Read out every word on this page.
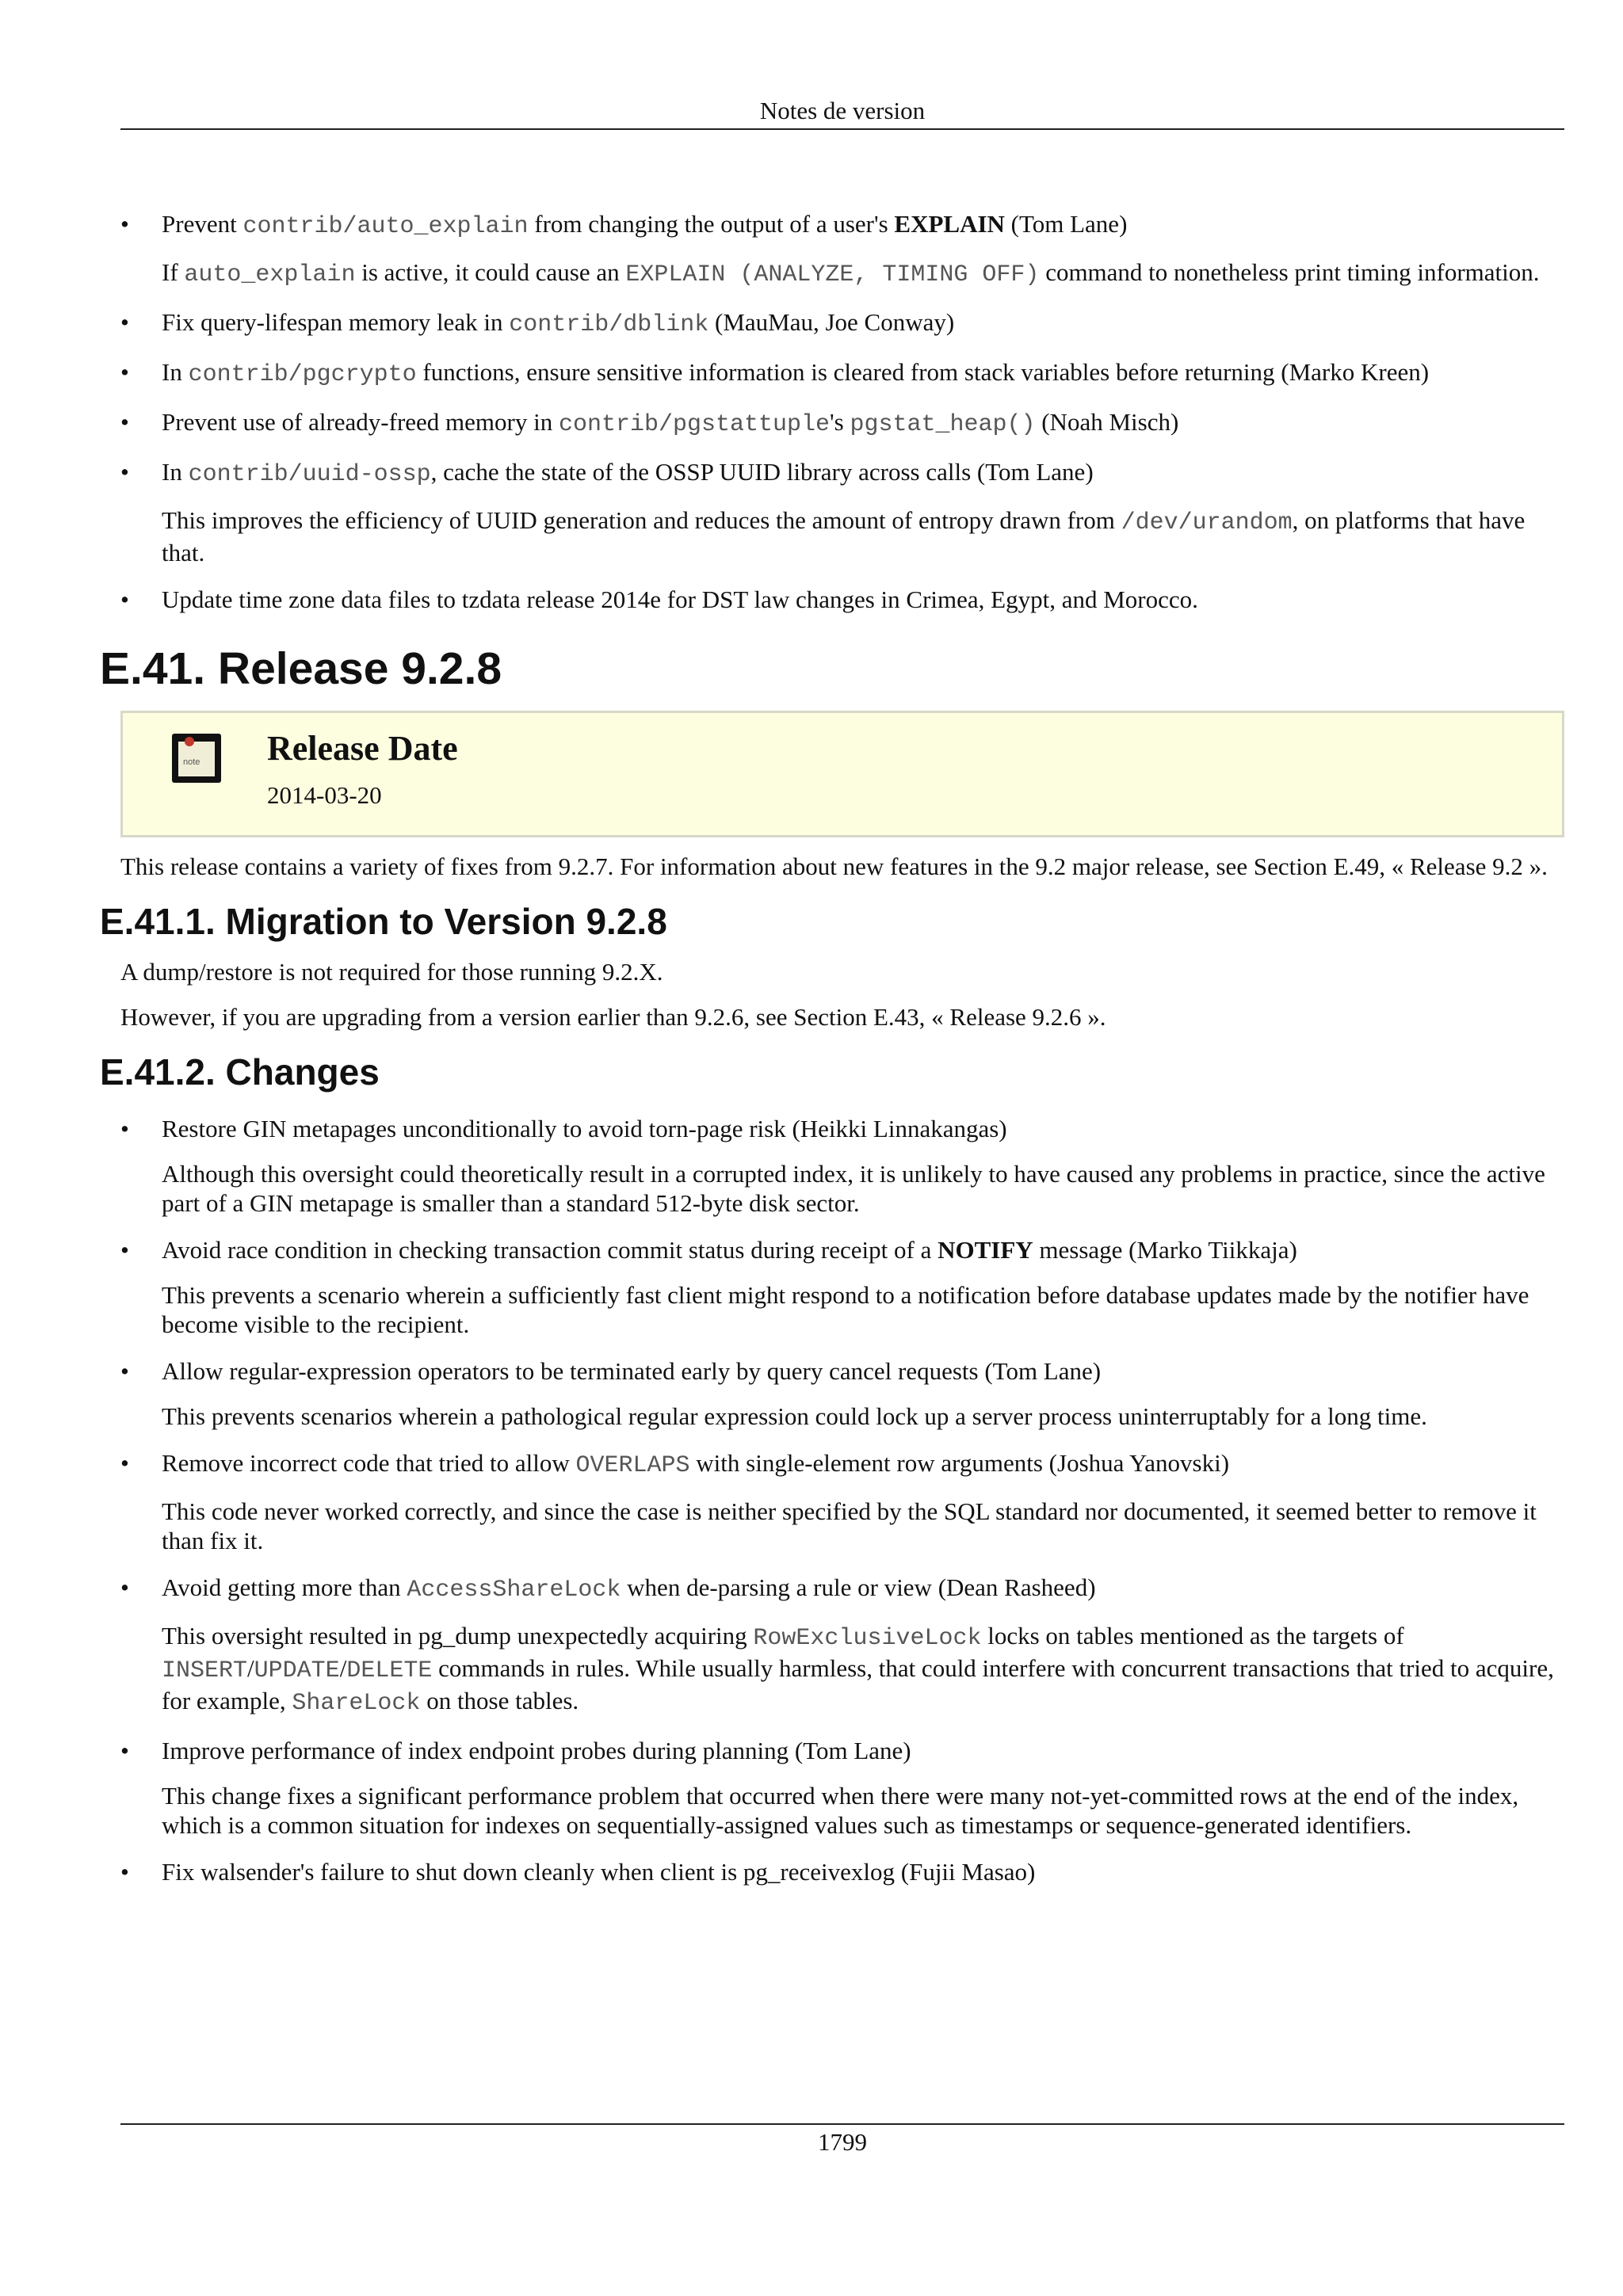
Notes de version
• Prevent contrib/auto_explain from changing the output of a user's EXPLAIN (Tom Lane)

If auto_explain is active, it could cause an EXPLAIN (ANALYZE, TIMING OFF) command to nonetheless print timing information.

• Fix query-lifespan memory leak in contrib/dblink (MauMau, Joe Conway)

• In contrib/pgcrypto functions, ensure sensitive information is cleared from stack variables before returning (Marko Kreen)

• Prevent use of already-freed memory in contrib/pgstattuple's pgstat_heap() (Noah Misch)

• In contrib/uuid-ossp, cache the state of the OSSP UUID library across calls (Tom Lane)

This improves the efficiency of UUID generation and reduces the amount of entropy drawn from /dev/urandom, on platforms that have that.

• Update time zone data files to tzdata release 2014e for DST law changes in Crimea, Egypt, and Morocco.

E.41. Release 9.2.8
note Release Date
2014-03-20

This release contains a variety of fixes from 9.2.7. For information about new features in the 9.2 major release, see Section E.49, « Release 9.2 ».

E.41.1. Migration to Version 9.2.8

A dump/restore is not required for those running 9.2.X.

However, if you are upgrading from a version earlier than 9.2.6, see Section E.43, « Release 9.2.6 ».

E.41.2. Changes
• Restore GIN metapages unconditionally to avoid torn-page risk (Heikki Linnakangas)

Although this oversight could theoretically result in a corrupted index, it is unlikely to have caused any problems in practice, since the active part of a GIN metapage is smaller than a standard 512-byte disk sector.

• Avoid race condition in checking transaction commit status during receipt of a NOTIFY message (Marko Tiikkaja)

This prevents a scenario wherein a sufficiently fast client might respond to a notification before database updates made by the notifier have become visible to the recipient.

• Allow regular-expression operators to be terminated early by query cancel requests (Tom Lane)

This prevents scenarios wherein a pathological regular expression could lock up a server process uninterruptably for a long time.

• Remove incorrect code that tried to allow OVERLAPS with single-element row arguments (Joshua Yanovski)

This code never worked correctly, and since the case is neither specified by the SQL standard nor documented, it seemed better to remove it than fix it.

• Avoid getting more than AccessShareLock when de-parsing a rule or view (Dean Rasheed)

This oversight resulted in pg_dump unexpectedly acquiring RowExclusiveLock locks on tables mentioned as the targets of INSERT/UPDATE/DELETE commands in rules. While usually harmless, that could interfere with concurrent transactions that tried to acquire, for example, ShareLock on those tables.

• Improve performance of index endpoint probes during planning (Tom Lane)

This change fixes a significant performance problem that occurred when there were many not-yet-committed rows at the end of the index, which is a common situation for indexes on sequentially-assigned values such as timestamps or sequence-generated identifiers.

• Fix walsender's failure to shut down cleanly when client is pg_receivexlog (Fujii Masao)

1799
